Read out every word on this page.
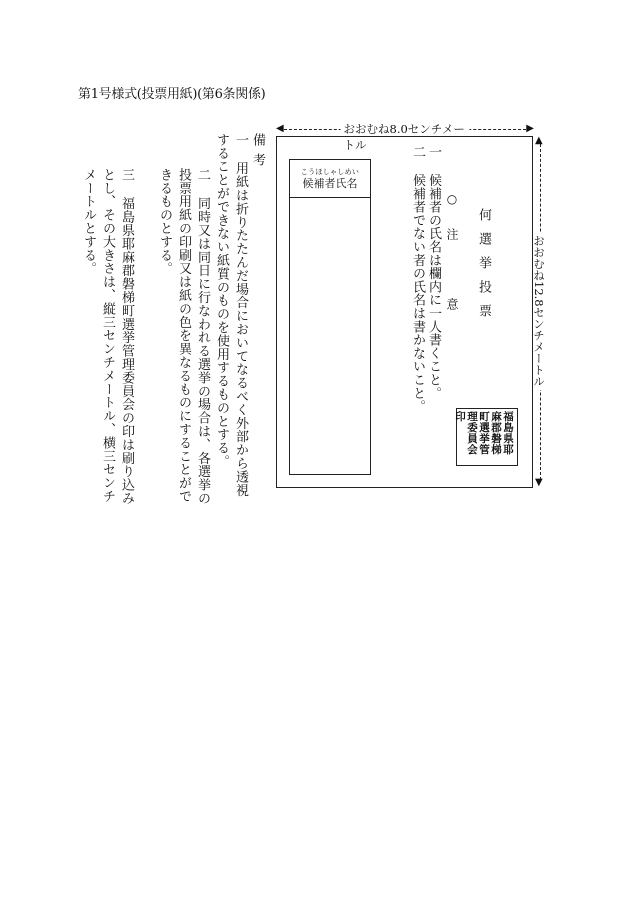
第1号様式(投票用紙)(第6条関係)
◀	▶
おおむね8.0センチメートル	▲
▼
おおむね12.8センチメートル
何選挙投票
○注 意
一 候補者の氏名は欄内に一人書くこと。
二 候補者でない者の氏名は書かないこと。
福島県耶麻郡磐梯町選挙管理委員会印
こうほしゃしめい
候補者氏名
備考
一 用紙は折りたたんだ場合においてなるべく外部から透視することができない紙質のものを使用するものとする。
二 同時又は同日に行なわれる選挙の場合は、各選挙の投票用紙の印刷又は紙の色を異なるものにすることができるものとする。
三 福島県耶麻郡磐梯町選挙管理委員会の印は刷り込みとし、その大きさは、縦三センチメートル、横三センチメートルとする。
